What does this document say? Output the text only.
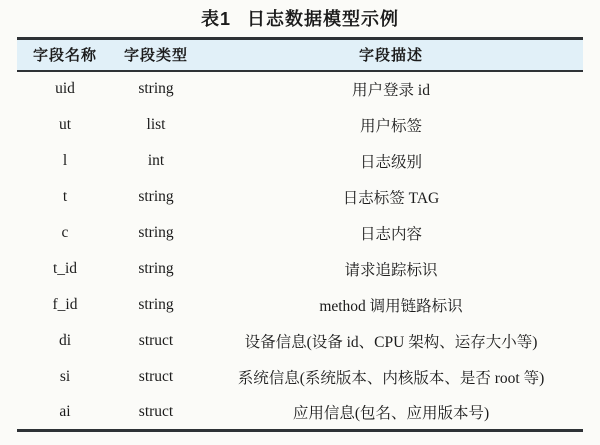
表1 日志数据模型示例
字段名称	字段类型	字段描述
uid	string	用户登录 id
ut	list	用户标签
l	int	日志级别
t	string	日志标签 TAG
c	string	日志内容
t_id	string	请求追踪标识
f_id	string	method 调用链路标识
di	struct	设备信息(设备 id、CPU 架构、运存大小等)
si	struct	系统信息(系统版本、内核版本、是否 root 等)
ai	struct	应用信息(包名、应用版本号)
